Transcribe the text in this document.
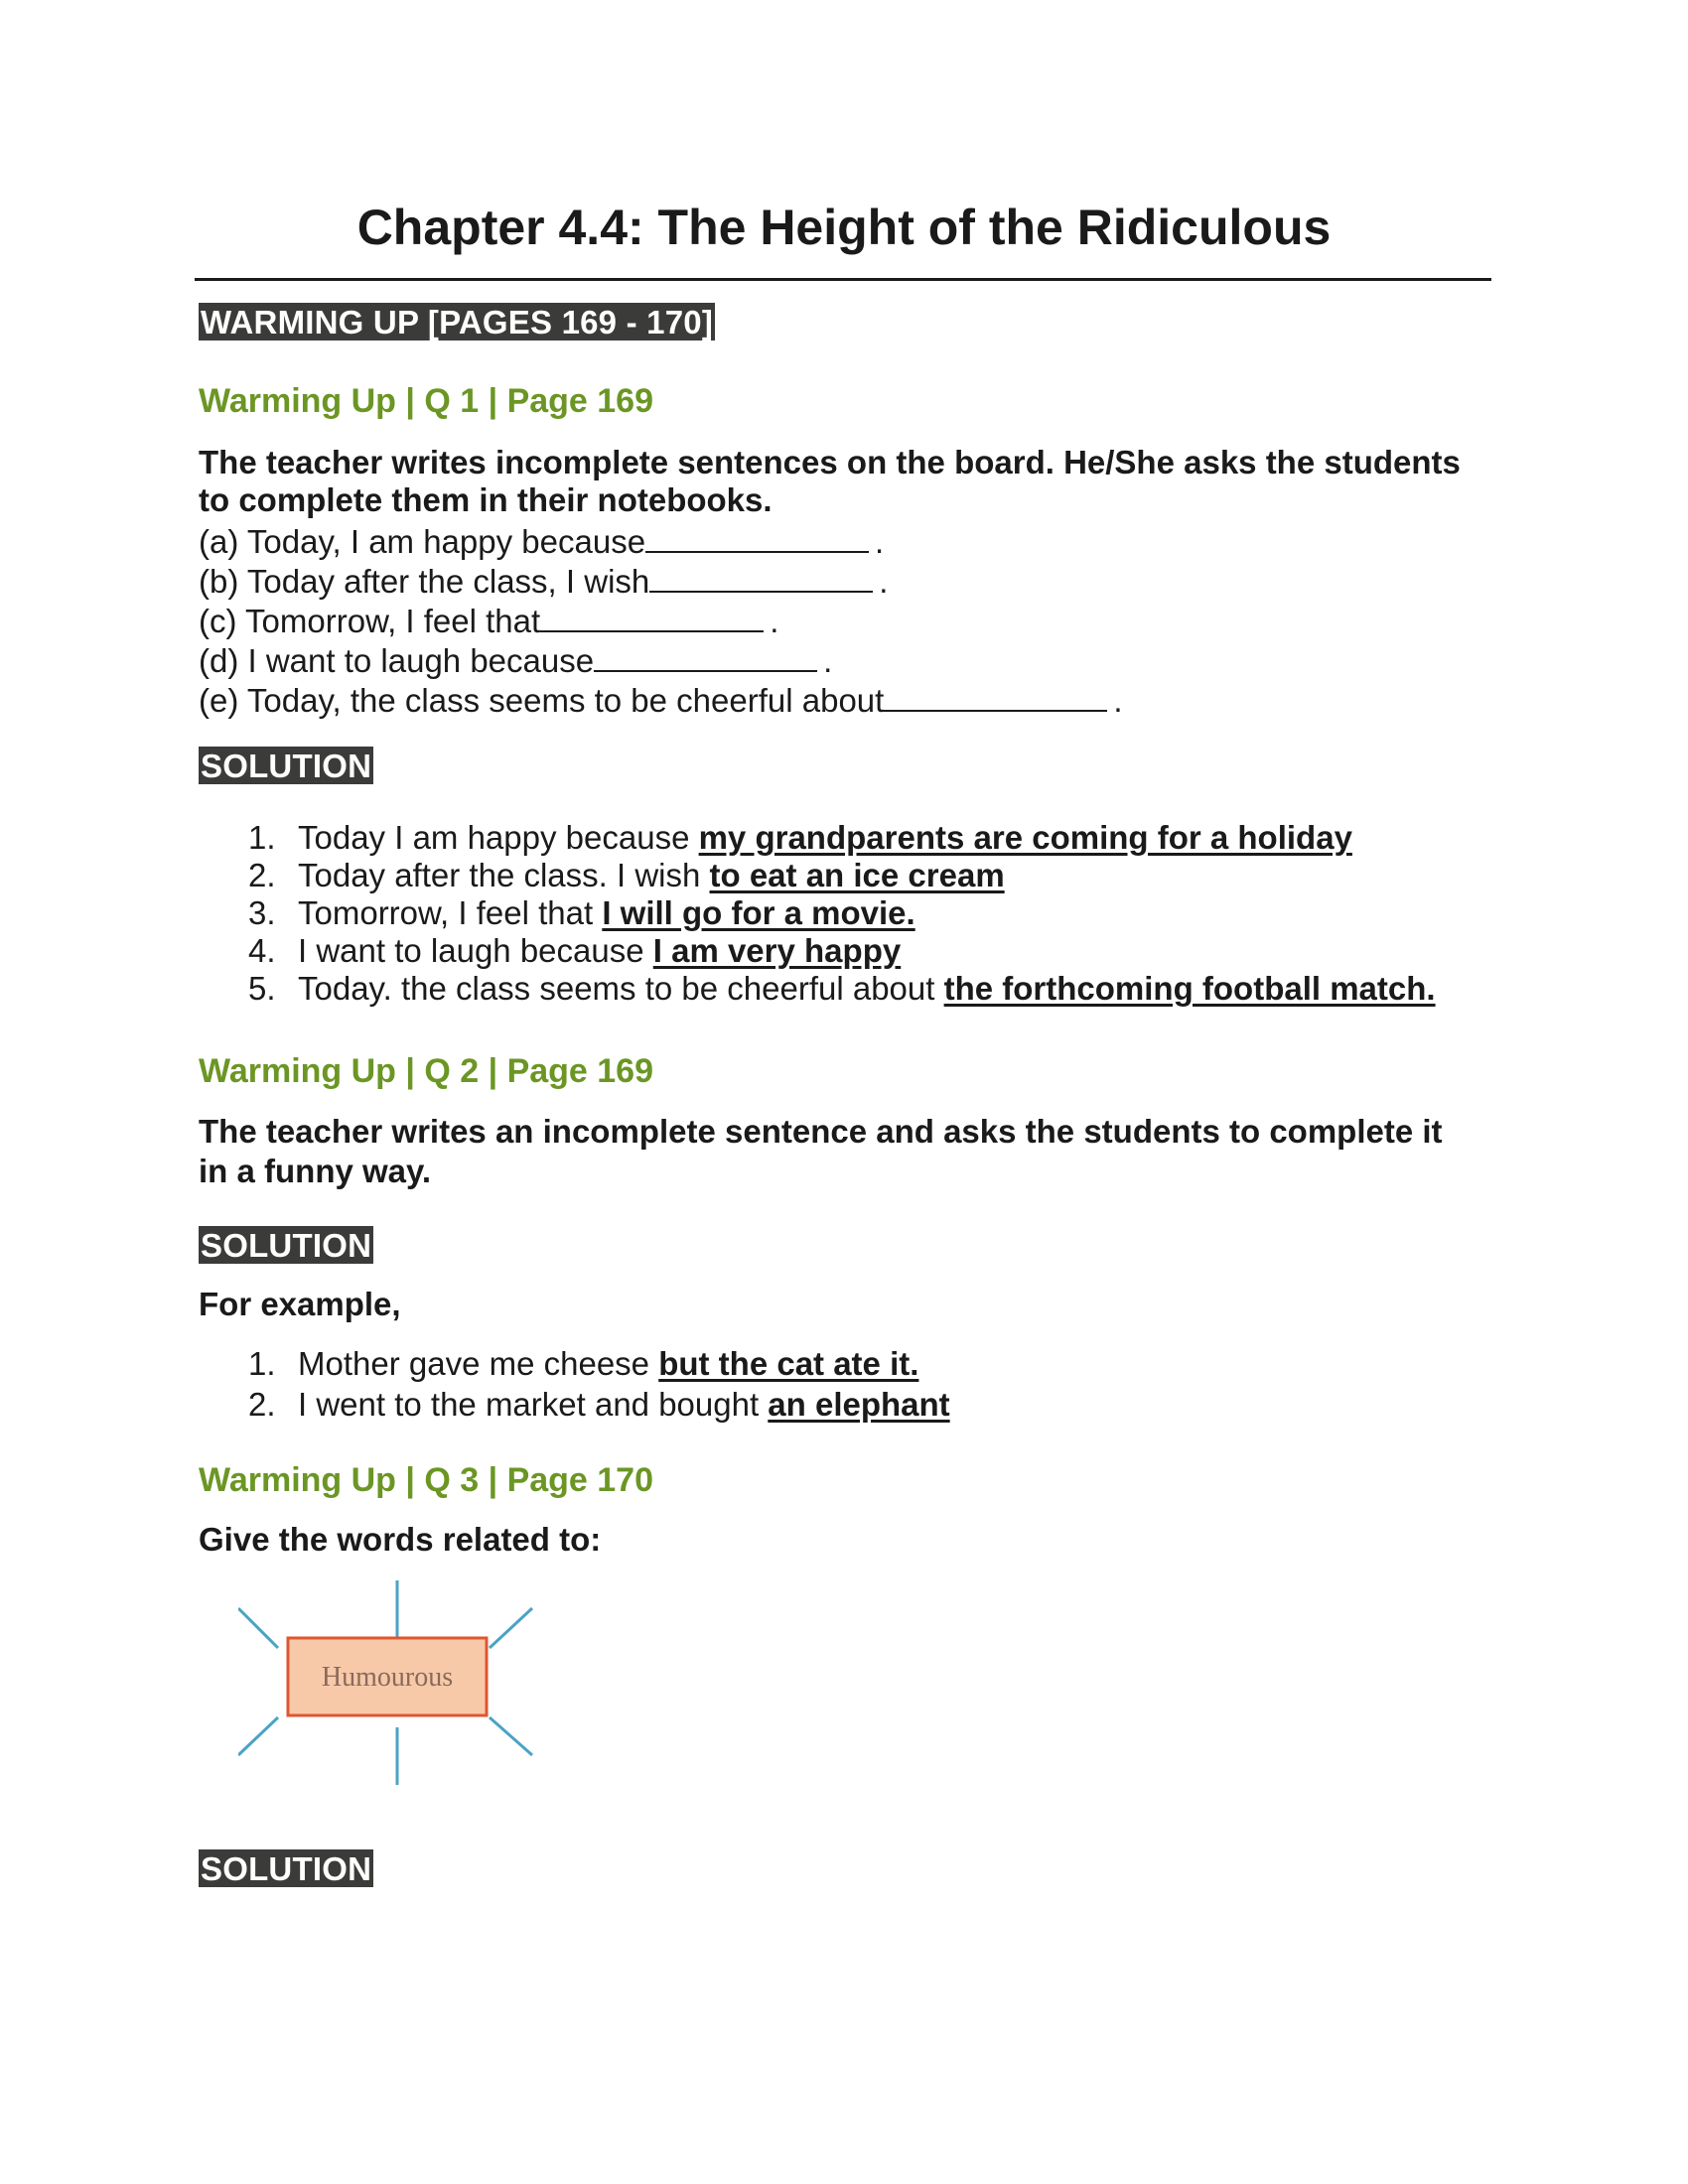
Chapter 4.4: The Height of the Ridiculous
WARMING UP [PAGES 169 - 170]
Warming Up | Q 1 | Page 169

The teacher writes incomplete sentences on the board. He/She asks the students to complete them in their notebooks.

(a) Today, I am happy because	.
(b) Today after the class, I wish	.
(c) Tomorrow, I feel that	.
(d) I want to laugh because	.
(e) Today, the class seems to be cheerful about	.
SOLUTION
1. Today I am happy because my grandparents are coming for a holiday
2. Today after the class. I wish to eat an ice cream
3. Tomorrow, I feel that I will go for a movie.
4. I want to laugh because I am very happy
5. Today. the class seems to be cheerful about the forthcoming football match.
Warming Up | Q 2 | Page 169

The teacher writes an incomplete sentence and asks the students to complete it in a funny way.

SOLUTION

For example,

1. Mother gave me cheese but the cat ate it.
2. I went to the market and bought an elephant
Warming Up | Q 3 | Page 170

Give the words related to:

SOLUTION
Humourous
